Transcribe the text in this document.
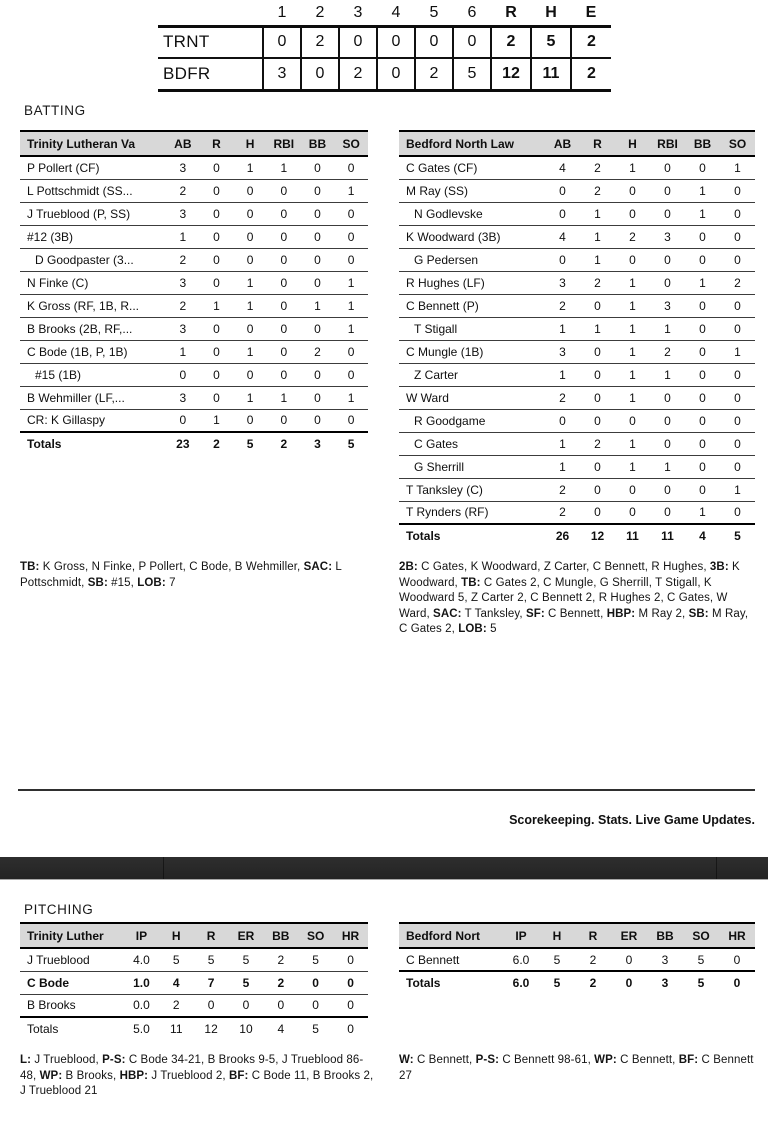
	1	2	3	4	5	6	R	H	E
TRNT	0	2	0	0	0	0	2	5	2
BDFR	3	0	2	0	2	5	12	11	2
BATTING
Trinity Lutheran Va	AB	R	H	RBI	BB	SO
P Pollert (CF)	3	0	1	1	0	0
L Pottschmidt (SS...	2	0	0	0	0	1
J Trueblood (P, SS)	3	0	0	0	0	0
#12 (3B)	1	0	0	0	0	0
D Goodpaster (3...	2	0	0	0	0	0
N Finke (C)	3	0	1	0	0	1
K Gross (RF, 1B, R...	2	1	1	0	1	1
B Brooks (2B, RF,...	3	0	0	0	0	1
C Bode (1B, P, 1B)	1	0	1	0	2	0
#15 (1B)	0	0	0	0	0	0
B Wehmiller (LF,...	3	0	1	1	0	1
CR: K Gillaspy	0	1	0	0	0	0
Totals	23	2	5	2	3	5
Bedford North Law	AB	R	H	RBI	BB	SO
C Gates (CF)	4	2	1	0	0	1
M Ray (SS)	0	2	0	0	1	0
N Godlevske	0	1	0	0	1	0
K Woodward (3B)	4	1	2	3	0	0
G Pedersen	0	1	0	0	0	0
R Hughes (LF)	3	2	1	0	1	2
C Bennett (P)	2	0	1	3	0	0
T Stigall	1	1	1	1	0	0
C Mungle (1B)	3	0	1	2	0	1
Z Carter	1	0	1	1	0	0
W Ward	2	0	1	0	0	0
R Goodgame	0	0	0	0	0	0
C Gates	1	2	1	0	0	0
G Sherrill	1	0	1	1	0	0
T Tanksley (C)	2	0	0	0	0	1
T Rynders (RF)	2	0	0	0	1	0
Totals	26	12	11	11	4	5
TB: K Gross, N Finke, P Pollert, C Bode, B Wehmiller, SAC: L Pottschmidt, SB: #15, LOB: 7
2B: C Gates, K Woodward, Z Carter, C Bennett, R Hughes, 3B: K Woodward, TB: C Gates 2, C Mungle, G Sherrill, T Stigall, K Woodward 5, Z Carter 2, C Bennett 2, R Hughes 2, C Gates, W Ward, SAC: T Tanksley, SF: C Bennett, HBP: M Ray 2, SB: M Ray, C Gates 2, LOB: 5
Scorekeeping. Stats. Live Game Updates.
PITCHING
Trinity Luther	IP	H	R	ER	BB	SO	HR
J Trueblood	4.0	5	5	5	2	5	0
C Bode	1.0	4	7	5	2	0	0
B Brooks	0.0	2	0	0	0	0	0
Totals	5.0	11	12	10	4	5	0
Bedford Nort	IP	H	R	ER	BB	SO	HR
C Bennett	6.0	5	2	0	3	5	0
Totals	6.0	5	2	0	3	5	0
L: J Trueblood, P-S: C Bode 34-21, B Brooks 9-5, J Trueblood 86-48, WP: B Brooks, HBP: J Trueblood 2, BF: C Bode 11, B Brooks 2, J Trueblood 21
W: C Bennett, P-S: C Bennett 98-61, WP: C Bennett, BF: C Bennett 27
